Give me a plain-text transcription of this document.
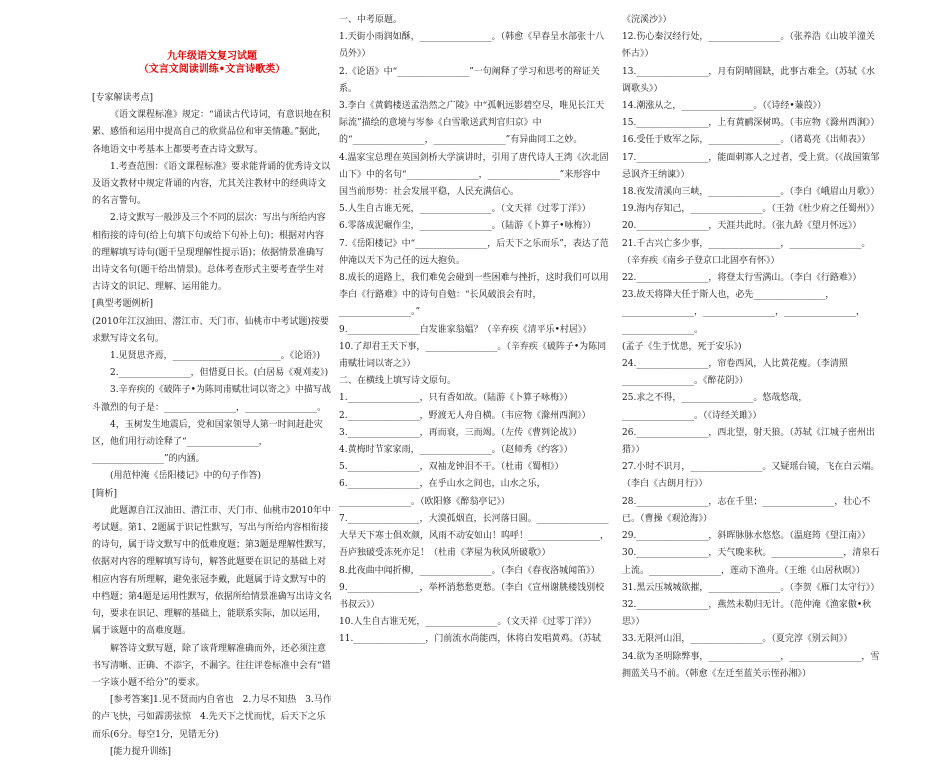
九年级语文复习试题
（文言文阅读训练•文言诗歌类）

[专家解读考点]

《语文课程标准》规定：“诵读古代诗词，有意识地在积累、感悟和运用中提高自己的欣赏品位和审美情趣。”据此，各地语文中考基本上都要考查古诗文默写。

1.考查范围：《语文课程标准》要求能背诵的优秀诗文以及语文教材中规定背诵的内容，尤其关注教材中的经典诗文的名言警句。

2.诗文默写一般涉及三个不同的层次：写出与所给内容相衔接的诗句(给上句填下句或给下句补上句)；根据对内容的理解填写诗句(题干呈现理解性提示语)；依据情景准确写出诗文名句(题干给出情景)。总体考查形式主要考查学生对古诗文的识记、理解、运用能力。

[典型考题例析]

(2010年江汉油田、潜江市、天门市、仙桃市中考试题)按要求默写诗文名句。

1.见贤思齐焉，________________________。《论语》)

2.________________，但惜夏日长。(白居易《观刈麦》)

3.辛弃疾的《破阵子•为陈同甫赋壮词以寄之》中描写战斗激烈的句子是：________________，________________。

4，玉树发生地震后，党和国家领导人第一时间赶赴灾区，他们用行动诠释了“________________，________________”的内涵。

(用范仲淹《岳阳楼记》中的句子作答)

[简析]

此题源自江汉油田、潜江市、天门市、仙桃市2010年中考试题。第1、2题属于识记性默写，写出与所给内容相衔接的诗句，属于诗文默写中的低难度题；第3题是理解性默写，依据对内容的理解填写诗句，解答此题要在识记的基础上对相应内容有所理解，避免张冠李戴，此题属于诗文默写中的中档题；第4题是运用性默写，依据所给情景准确写出诗文名句，要求在识记、理解的基础上，能联系实际，加以运用，属于该题中的高难度题。

解答诗文默写题，除了该背理解准确而外，还必须注意书写清晰、正确、不添字，不漏字。往往评卷标准中会有“错一字该小题不给分”的要求。

[参考答案]1.见不贤而内自省也　2.力尽不知热　3.马作的卢飞快，弓如霹雳弦惊　4.先天下之忧而忧，后天下之乐而乐(6分。每空1分，见错无分)

[能力提升训练]

一、中考原题。

1.天街小雨润如酥，________________。（韩愈《早春呈水部张十八员外》）

2.《论语》中“________________”一句阐释了学习和思考的辩证关系。

3.李白《黄鹤楼送孟浩然之广陵》中“孤帆远影碧空尽，唯见长江天际流”描绘的意境与岑参《白雪歌送武判官归京》中的“________________，________________”有异曲同工之妙。

4.温家宝总理在英国剑桥大学演讲时，引用了唐代诗人王湾《次北固山下》中的名句“________________，________________”来形容中国当前形势：社会发展平稳，人民充满信心。

5.人生自古谁无死，________________。（文天祥《过零丁洋》）

6.零落成泥碾作尘，________________。（陆游《卜算子•咏梅》）

7.《岳阳楼记》中“________________，后天下之乐而乐”，表达了范仲淹以天下为己任的远大抱负。

8.成长的道路上，我们难免会碰到一些困难与挫折，这时我们可以用李白《行路难》中的诗句自勉：“长风破浪会有时，________________。”

9.________________白发谁家翁媪？（辛弃疾《清平乐•村居》）

10.了却君王天下事，________________。（辛弃疾《破阵子•为陈同甫赋壮词以寄之》）

二、在横线上填写诗文原句。

1.________________，只有香如故。（陆游《卜算子咏梅》）

2.________________，野渡无人舟自横。（韦应物《滁州西涧》）

3.________________，再而衰，三而竭。（左传《曹刿论战》）

4.黄梅时节家家雨，________________。（赵师秀《约客》）

5.________________，双袖龙钟泪不干。（杜甫《蜀相》）

6.________________，在乎山水之间也，山水之乐，________________。（欧阳修《醉翁亭记》）

7.________________，大漠孤烟直，长河落日圆。________________大旱天下寒士俱欢颜，风雨不动安如山！呜呼！________________，吾庐独破受冻死亦足！（杜甫《茅屋为秋风所破歌》）

8.此夜曲中闻折柳，________________。（李白《春夜洛城闻笛》）

9.________________，举杯消愁愁更愁。（李白《宣州谢朓楼饯别校书叔云》）

10.人生自古谁无死，________________。（文天祥《过零丁洋》）

11.________________，门前流水尚能西，休将白发唱黄鸡。（苏轼

《浣溪沙》）

12.伤心秦汉经行处，________________。（张养浩《山坡羊潼关怀古》）

13.________________，月有阴晴圆缺，此事古难全。（苏轼《水调歌头》）

14.潮涨从之，________________。（《诗经•蒹葭》）

15.________________，上有黄鹂深树鸣。（韦应物《滁州西涧》）

16.受任于败军之际，________________。（诸葛亮《出师表》）

17.________________，能面刺寡人之过者，受上赏。（《战国策邹忌讽齐王纳谏》）

18.夜发清溪向三峡，________________。（李白《峨眉山月歌》）

19.海内存知己，________________。（王勃《杜少府之任蜀州》）

20.________________，天涯共此时。（张九龄《望月怀远》）

21.千古兴亡多少事，________________，________________。（辛弃疾《南乡子登京口北固亭有怀》）

22.________________，将登太行雪满山。（李白《行路难》）

23.故天将降大任于斯人也，必先________________，________________，________________，________________，________________。

(孟子《生于忧患，死于安乐》)

24.________________，帘卷西风，人比黄花瘦。（李清照

________________。《醉花阴》）

25.求之不得，________________。悠哉悠哉，________________。（《诗经关雎》）

26.________________，西北望，射天狼。（苏轼《江城子密州出猎》）

27.小时不识月，________________。又疑瑶台镜，飞在白云端。（李白《古朗月行》）

28.________________，志在千里；________________，壮心不已。（曹操《观沧海》）

29.________________，斜晖脉脉水悠悠。（温庭筠《望江南》）

30.________________，天气晚来秋。________________，清泉石上流。________________，莲动下渔舟。（王维《山居秋暝》）

31.黑云压城城欲摧，________________。（李贺《雁门太守行》）

32.________________，燕然未勒归无计。（范仲淹《渔家傲•秋思》）

33.无限河山泪，________________。（夏完淳《别云间》）

34.欲为圣明除弊事，________________，________________，雪拥蓝关马不前。（韩愈《左迁至蓝关示侄孙湘》）
